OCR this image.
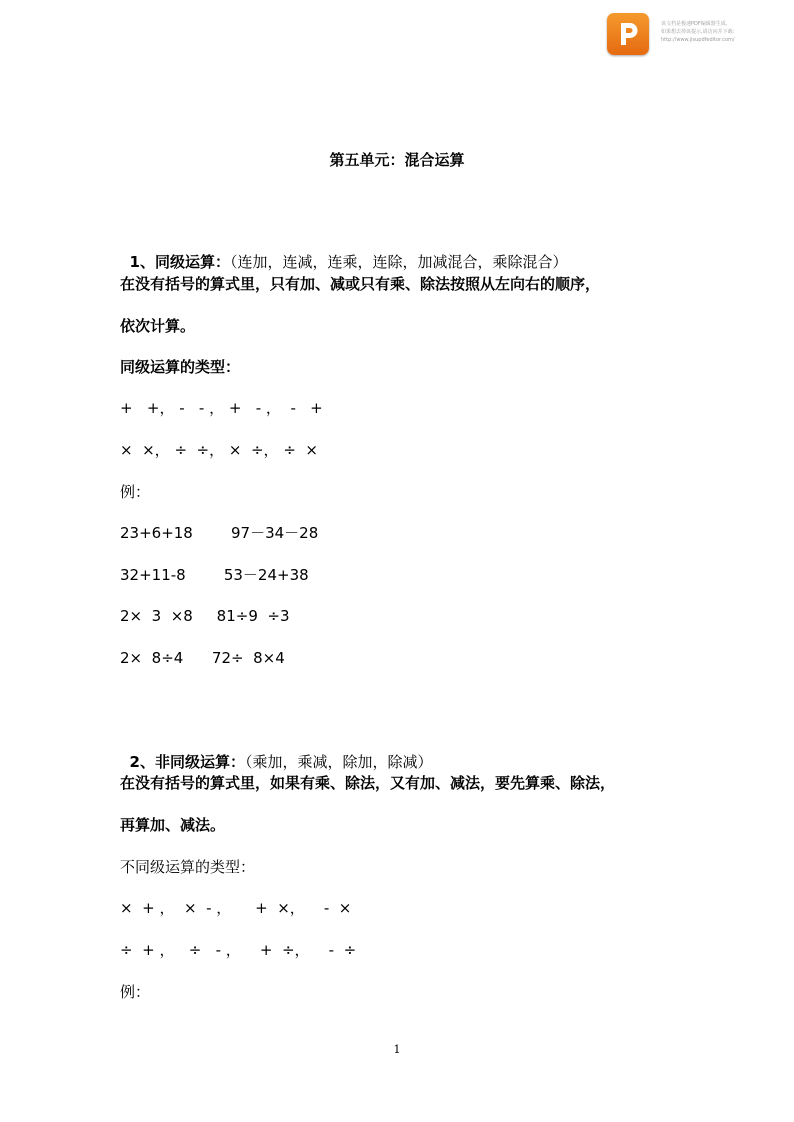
该文档是极速PDF编辑器生成,
如果想去掉该提示,请访问并下载:
http://www.jisupdfeditor.com/
第五单元：混合运算

1、同级运算：（连加，连减，连乘，连除，加减混合，乘除混合）

在没有括号的算式里，只有加、减或只有乘、除法按照从左向右的顺序，
依次计算。
同级运算的类型：
+   +， -   - ， +   - ，  -   +
×  ×， ÷  ÷， ×  ÷， ÷  ×
例：
23+6+18        97－34－28
32+11-8        53－24+38
2×  3  ×8     81÷9  ÷3
2×  8÷4      72÷  8×4

2、非同级运算：（乘加，乘减，除加，除减）

在没有括号的算式里，如果有乘、除法，又有加、减法，要先算乘、除法，
再算加、减法。
不同级运算的类型：
×  + ，  ×  - ，     +  ×，    -  ×
÷  + ，   ÷   - ，    +  ÷，    -  ÷
例：
1
